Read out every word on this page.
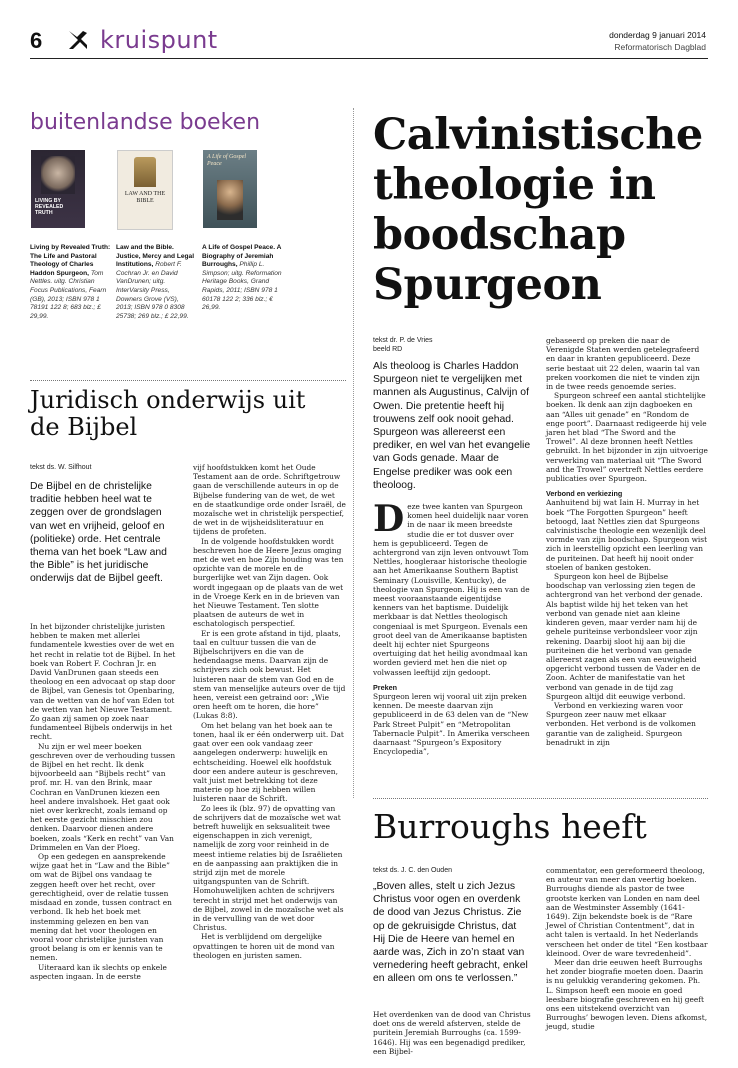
6 kruispunt	donderdag 9 januari 2014
Reformatorisch Dagblad
buitenlandse boeken
LIVING BY REVEALED TRUTH
Living by Revealed Truth: The Life and Pastoral Theology of Charles Haddon Spurgeon, Tom Nettles. uitg. Christian Focus Publications, Fearn (GB), 2013; ISBN 978 1 78191 122 8; 683 blz.; £ 29,99.
LAW AND THE BIBLE
Law and the Bible. Justice, Mercy and Legal Institutions, Robert F. Cochran Jr. en David VanDrunen; uitg. InterVarsity Press, Downers Grove (VS), 2013; ISBN 978 0 8308 25738; 269 blz.; £ 22,99.
A Life of Gospel Peace
A Life of Gospel Peace. A Biography of Jeremiah Burroughs, Phillip L. Simpson; uitg. Reformation Heritage Books, Grand Rapids, 2011; ISBN 978 1 60178 122 2; 336 blz.; € 26,99.
Juridisch onderwijs uit de Bijbel
tekst ds. W. Silfhout
De Bijbel en de christelijke traditie hebben heel wat te zeggen over de grondslagen van wet en vrijheid, geloof en (politieke) orde. Het centrale thema van het boek “Law and the Bible” is het juridische onderwijs dat de Bijbel geeft.

In het bijzonder christelijke juristen hebben te maken met allerlei fundamentele kwesties over de wet en het recht in relatie tot de Bijbel. In het boek van Robert F. Cochran Jr. en David VanDrunen gaan steeds een theoloog en een advocaat op stap door de Bijbel, van Genesis tot Openbaring, van de wetten van de hof van Eden tot de wetten van het Nieuwe Testament. Zo gaan zij samen op zoek naar fundamenteel Bijbels onderwijs in het recht.

Nu zijn er wel meer boeken geschreven over de verhouding tussen de Bijbel en het recht. Ik denk bijvoorbeeld aan “Bijbels recht” van prof. mr. H. van den Brink, maar Cochran en VanDrunen kiezen een heel andere invalshoek. Het gaat ook niet over kerkrecht, zoals iemand op het eerste gezicht misschien zou denken. Daarvoor dienen andere boeken, zoals “Kerk en recht” van Van Drimmelen en Van der Ploeg.

Op een gedegen en aansprekende wijze gaat het in “Law and the Bible” om wat de Bijbel ons vandaag te zeggen heeft over het recht, over gerechtigheid, over de relatie tussen misdaad en zonde, tussen contract en verbond. Ik heb het boek met instemming gelezen en ben van mening dat het voor theologen en vooral voor christelijke juristen van groot belang is om er kennis van te nemen.

Uiteraard kan ik slechts op enkele aspecten ingaan. In de eerste

vijf hoofdstukken komt het Oude Testament aan de orde. Schriftgetrouw gaan de verschillende auteurs in op de Bijbelse fundering van de wet, de wet en de staatkundige orde onder Israël, de mozaïsche wet in christelijk perspectief, de wet in de wijsheidsliteratuur en tijdens de profeten.

In de volgende hoofdstukken wordt beschreven hoe de Heere Jezus omging met de wet en hoe Zijn houding was ten opzichte van de morele en de burgerlijke wet van Zijn dagen. Ook wordt ingegaan op de plaats van de wet in de Vroege Kerk en in de brieven van het Nieuwe Testament. Ten slotte plaatsen de auteurs de wet in eschatologisch perspectief.

Er is een grote afstand in tijd, plaats, taal en cultuur tussen die van de Bijbelschrijvers en die van de hedendaagse mens. Daarvan zijn de schrijvers zich ook bewust. Het luisteren naar de stem van God en de stem van menselijke auteurs over de tijd heen, vereist een getraind oor: „Wie oren heeft om te horen, die hore” (Lukas 8:8).

Om het belang van het boek aan te tonen, haal ik er één onderwerp uit. Dat gaat over een ook vandaag zeer aangelegen onderwerp: huwelijk en echtscheiding. Hoewel elk hoofdstuk door een andere auteur is geschreven, valt juist met betrekking tot deze materie op hoe zij hebben willen luisteren naar de Schrift.

Zo lees ik (blz. 97) de opvatting van de schrijvers dat de mozaïsche wet wat betreft huwelijk en seksualiteit twee eigenschappen in zich verenigt, namelijk de zorg voor reinheid in de meest intieme relaties bij de Israëlieten en de aanpassing aan praktijken die in strijd zijn met de morele uitgangspunten van de Schrift. Homohuwelijken achten de schrijvers terecht in strijd met het onderwijs van de Bijbel, zowel in de mozaïsche wet als in de vervulling van de wet door Christus.

Het is verblijdend om dergelijke opvattingen te horen uit de mond van theologen en juristen samen.

Calvinistische theologie in boodschap Spurgeon
tekst dr. P. de Vries
beeld RD
Als theoloog is Charles Haddon Spurgeon niet te vergelijken met mannen als Augustinus, Calvijn of Owen. Die pretentie heeft hij trouwens zelf ook nooit gehad. Spurgeon was allereerst een prediker, en wel van het evangelie van Gods genade. Maar de Engelse prediker was ook een theoloog.
D eze twee kanten van Spurgeon komen heel duidelijk naar voren in de naar ik meen breedste studie die er tot dusver over hem is gepubliceerd. Tegen de achtergrond van zijn leven ontvouwt Tom Nettles, hoogleraar historische theologie aan het Amerikaanse Southern Baptist Seminary (Louisville, Kentucky), de theologie van Spurgeon. Hij is een van de meest vooraanstaande eigentijdse kenners van het baptisme. Duidelijk merkbaar is dat Nettles theologisch congeniaal is met Spurgeon. Evenals een groot deel van de Amerikaanse baptisten deelt hij echter niet Spurgeons overtuiging dat het heilig avondmaal kan worden gevierd met hen die niet op volwassen leeftijd zijn gedoopt.

Preken

Spurgeon leren wij vooral uit zijn preken kennen. De meeste daarvan zijn gepubliceerd in de 63 delen van de “New Park Street Pulpit” en “Metropolitan Tabernacle Pulpit”. In Amerika verscheen daarnaast “Spurgeon’s Expository Encyclopedia”,

gebaseerd op preken die naar de Verenigde Staten werden getelegrafeerd en daar in kranten gepubliceerd. Deze serie bestaat uit 22 delen, waarin tal van preken voorkomen die niet te vinden zijn in de twee reeds genoemde series.

Spurgeon schreef een aantal stichtelijke boeken. Ik denk aan zijn dagboeken en aan “Alles uit genade” en “Rondom de enge poort”. Daarnaast redigeerde hij vele jaren het blad “The Sword and the Trowel”. Al deze bronnen heeft Nettles gebruikt. In het bijzonder in zijn uitvoerige verwerking van materiaal uit “The Sword and the Trowel” overtreft Nettles eerdere publicaties over Spurgeon.

Verbond en verkiezing

Aanhuitend bij wat Iain H. Murray in het boek “The Forgotten Spurgeon” heeft betoogd, laat Nettles zien dat Spurgeons calvinistische theologie een wezenlijk deel vormde van zijn boodschap. Spurgeon wist zich in leerstellig opzicht een leerling van de puriteinen. Dat heeft hij nooit onder stoelen of banken gestoken.

Spurgeon kon heel de Bijbelse boodschap van verlossing zien tegen de achtergrond van het verbond der genade. Als baptist wilde hij het teken van het verbond van genade niet aan kleine kinderen geven, maar verder nam hij de gehele puriteinse verbondsleer voor zijn rekening. Daarbij sloot hij aan bij die puriteinen die het verbond van genade allereerst zagen als een van eeuwigheid opgericht verbond tussen de Vader en de Zoon. Achter de manifestatie van het verbond van genade in de tijd zag Spurgeon altijd dit eeuwige verbond.

Verbond en verkiezing waren voor Spurgeon zeer nauw met elkaar verbonden. Het verbond is de volkomen garantie van de zaligheid. Spurgeon benadrukt in zijn

Burroughs heeft
tekst ds. J. C. den Ouden
„Boven alles, stelt u zich Jezus Christus voor ogen en overdenk de dood van Jezus Christus. Zie op de gekruisigde Christus, dat Hij Die de Heere van hemel en aarde was, Zich in zo’n staat van vernedering heeft gebracht, enkel en alleen om ons te verlossen.”

Het overdenken van de dood van Christus doet ons de wereld afsterven, stelde de puritein Jeremiah Burroughs (ca. 1599-1646). Hij was een begenadigd prediker, een Bijbel-

commentator, een gereformeerd theoloog, en auteur van meer dan veertig boeken. Burroughs diende als pastor de twee grootste kerken van Londen en nam deel aan de Westminster Assembly (1641-1649). Zijn bekendste boek is de “Rare Jewel of Christian Contentment”, dat in acht talen is vertaald. In het Nederlands verscheen het onder de titel “Een kostbaar kleinood. Over de ware tevredenheid”.

Meer dan drie eeuwen heeft Burroughs het zonder biografie moeten doen. Daarin is nu gelukkig verandering gekomen. Ph. L. Simpson heeft een mooie en goed leesbare biografie geschreven en hij geeft ons een uitstekend overzicht van Burroughs’ bewogen leven. Diens afkomst, jeugd, studie
